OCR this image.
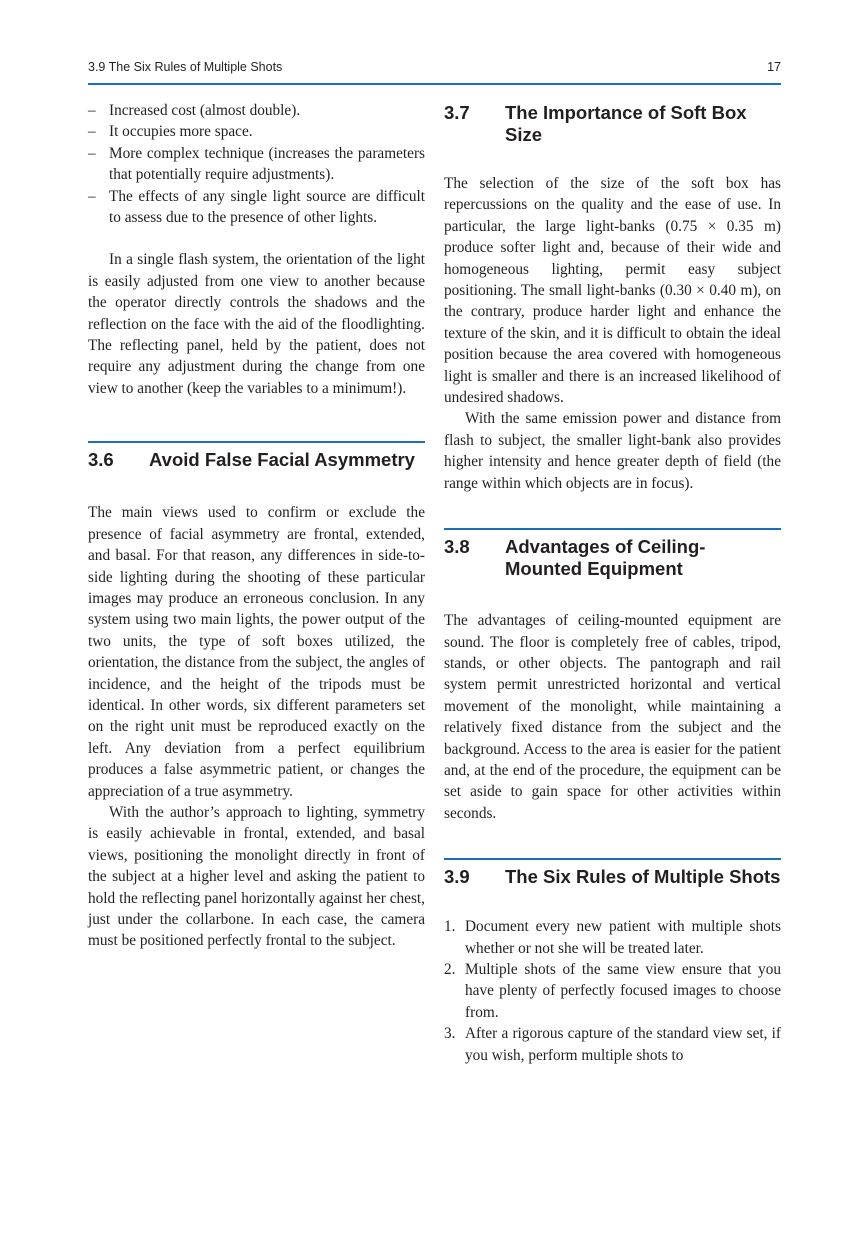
3.9 The Six Rules of Multiple Shots	17
– Increased cost (almost double).
– It occupies more space.
– More complex technique (increases the parameters that potentially require adjustments).
– The effects of any single light source are difficult to assess due to the presence of other lights.

In a single flash system, the orientation of the light is easily adjusted from one view to another because the operator directly controls the shadows and the reflection on the face with the aid of the floodlighting. The reflecting panel, held by the patient, does not require any adjustment during the change from one view to another (keep the variables to a minimum!).

3.6	Avoid False Facial Asymmetry

The main views used to confirm or exclude the presence of facial asymmetry are frontal, extended, and basal. For that reason, any differences in side-to-side lighting during the shooting of these particular images may produce an erroneous conclusion. In any system using two main lights, the power output of the two units, the type of soft boxes utilized, the orientation, the distance from the subject, the angles of incidence, and the height of the tripods must be identical. In other words, six different parameters set on the right unit must be reproduced exactly on the left. Any deviation from a perfect equilibrium produces a false asymmetric patient, or changes the appreciation of a true asymmetry.

With the author’s approach to lighting, symmetry is easily achievable in frontal, extended, and basal views, positioning the monolight directly in front of the subject at a higher level and asking the patient to hold the reflecting panel horizontally against her chest, just under the collarbone. In each case, the camera must be positioned perfectly frontal to the subject.

3.7	The Importance of Soft Box Size

The selection of the size of the soft box has repercussions on the quality and the ease of use. In particular, the large light-banks (0.75 × 0.35 m) produce softer light and, because of their wide and homogeneous lighting, permit easy subject positioning. The small light-banks (0.30 × 0.40 m), on the contrary, produce harder light and enhance the texture of the skin, and it is difficult to obtain the ideal position because the area covered with homogeneous light is smaller and there is an increased likelihood of undesired shadows.

With the same emission power and distance from flash to subject, the smaller light-bank also provides higher intensity and hence greater depth of field (the range within which objects are in focus).

3.8	Advantages of Ceiling-Mounted Equipment

The advantages of ceiling-mounted equipment are sound. The floor is completely free of cables, tripod, stands, or other objects. The pantograph and rail system permit unrestricted horizontal and vertical movement of the monolight, while maintaining a relatively fixed distance from the subject and the background. Access to the area is easier for the patient and, at the end of the procedure, the equipment can be set aside to gain space for other activities within seconds.

3.9	The Six Rules of Multiple Shots
1. Document every new patient with multiple shots whether or not she will be treated later.
2. Multiple shots of the same view ensure that you have plenty of perfectly focused images to choose from.
3. After a rigorous capture of the standard view set, if you wish, perform multiple shots to
